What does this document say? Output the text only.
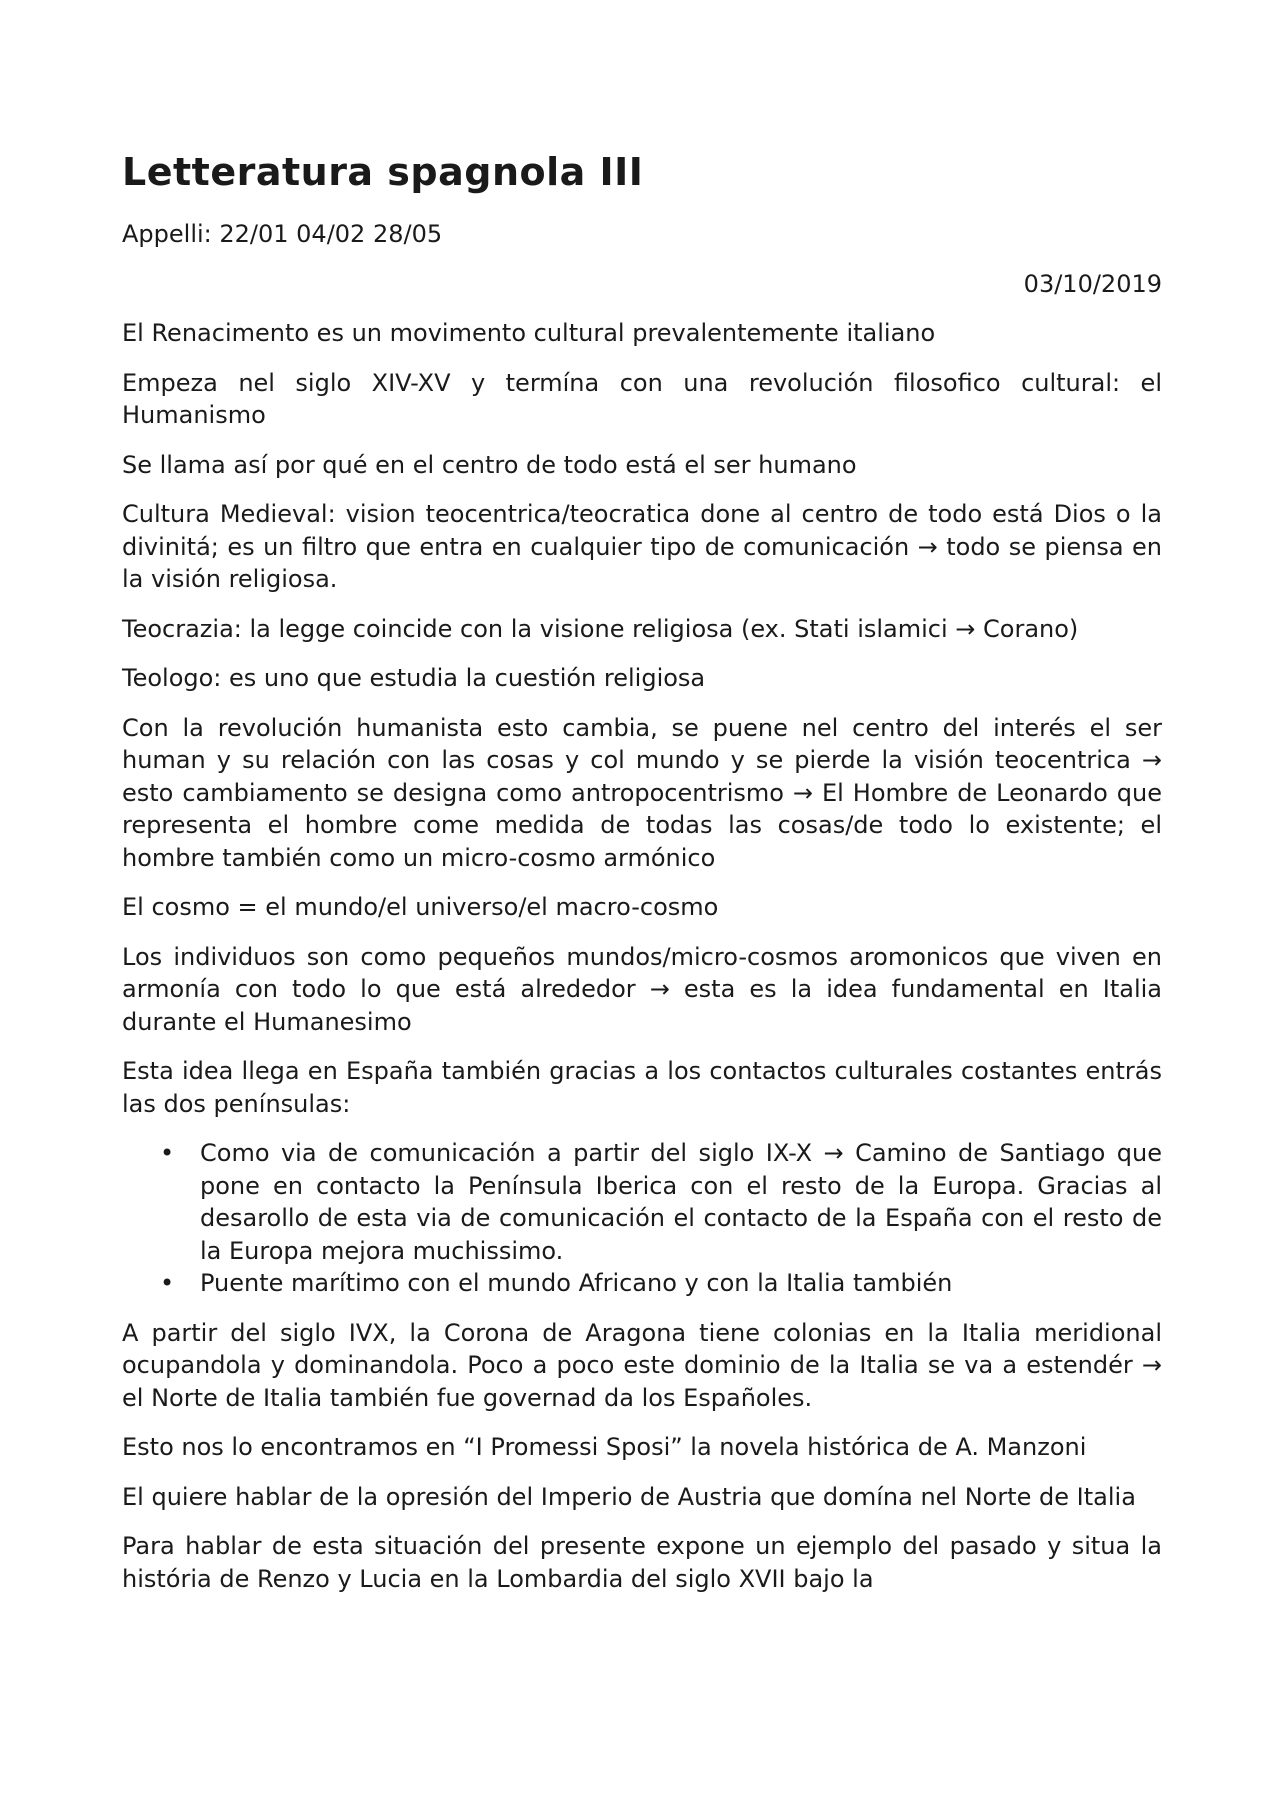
Letteratura spagnola III

Appelli: 22/01 04/02 28/05

03/10/2019

El Renacimento es un movimento cultural prevalentemente italiano

Empeza nel siglo XIV-XV y termína con una revolución filosofico cultural: el Humanismo

Se llama así por qué en el centro de todo está el ser humano

Cultura Medieval: vision teocentrica/teocratica done al centro de todo está Dios o la divinitá; es un filtro que entra en cualquier tipo de comunicación → todo se piensa en la visión religiosa.

Teocrazia: la legge coincide con la visione religiosa (ex. Stati islamici → Corano)

Teologo: es uno que estudia la cuestión religiosa

Con la revolución humanista esto cambia, se puene nel centro del interés el ser human y su relación con las cosas y col mundo y se pierde la visión teocentrica → esto cambiamento se designa como antropocentrismo → El Hombre de Leonardo que representa el hombre come medida de todas las cosas/de todo lo existente; el hombre también como un micro-cosmo armónico

El cosmo = el mundo/el universo/el macro-cosmo

Los individuos son como pequeños mundos/micro-cosmos aromonicos que viven en armonía con todo lo que está alrededor → esta es la idea fundamental en Italia durante el Humanesimo

Esta idea llega en España también gracias a los contactos culturales costantes entrás las dos penínsulas:

• Como via de comunicación a partir del siglo IX-X → Camino de Santiago que pone en contacto la Península Iberica con el resto de la Europa. Gracias al desarollo de esta via de comunicación el contacto de la España con el resto de la Europa mejora muchissimo.
• Puente marítimo con el mundo Africano y con la Italia también

A partir del siglo IVX, la Corona de Aragona tiene colonias en la Italia meridional ocupandola y dominandola. Poco a poco este dominio de la Italia se va a estendér → el Norte de Italia también fue governad da los Españoles.

Esto nos lo encontramos en “I Promessi Sposi” la novela histórica de A. Manzoni

El quiere hablar de la opresión del Imperio de Austria que domína nel Norte de Italia

Para hablar de esta situación del presente expone un ejemplo del pasado y situa la história de Renzo y Lucia en la Lombardia del siglo XVII bajo la
